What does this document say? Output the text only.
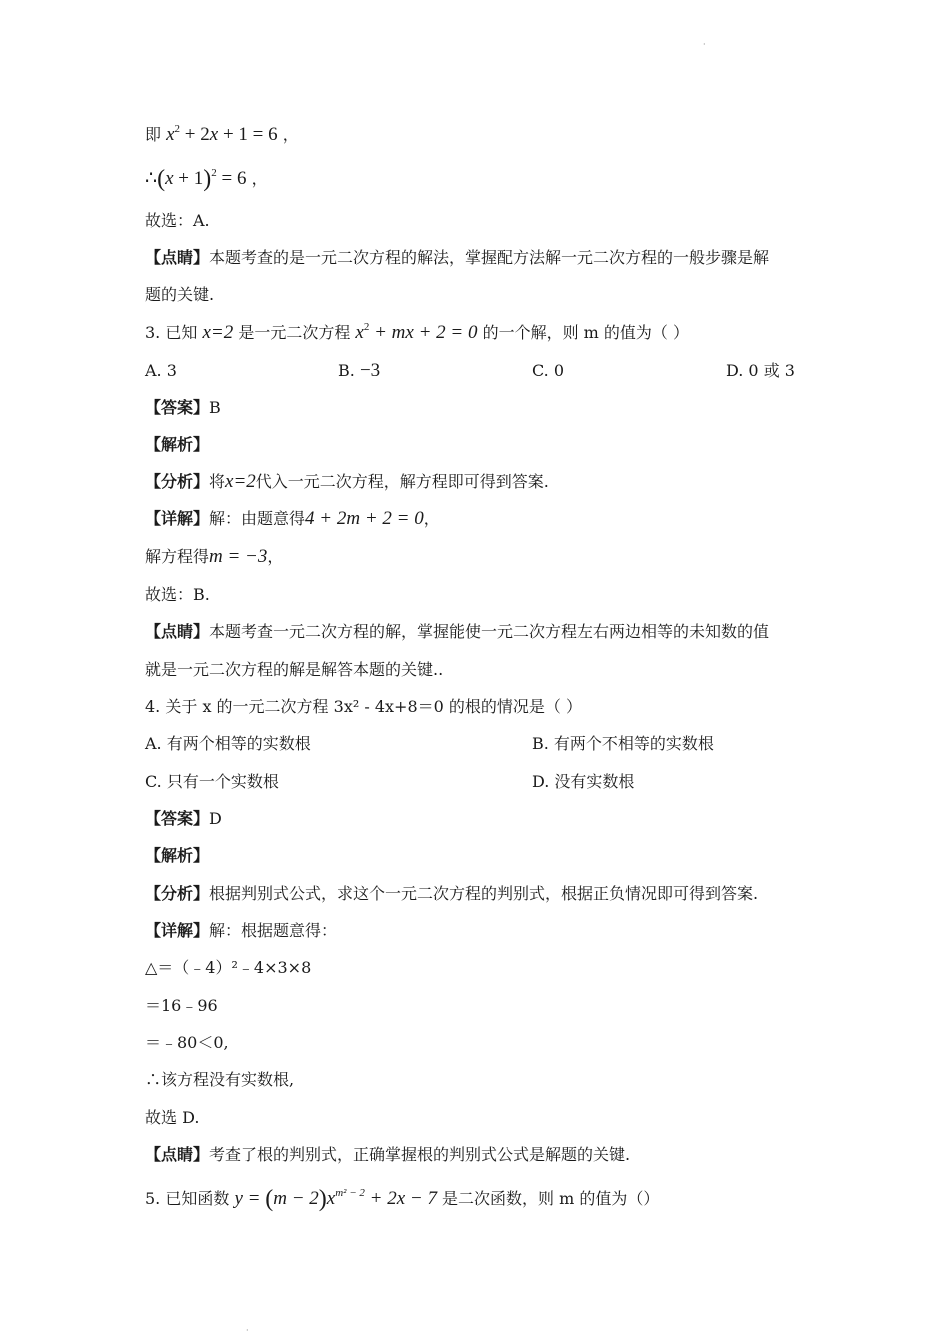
·
即 $x^2 + 2x + 1 = 6$ ，
∴(x + 1)$^2$ = 6 ，
故选：A.
【点睛】本题考查的是一元二次方程的解法，掌握配方法解一元二次方程的一般步骤是解
题的关键.
3. 已知 x=2 是一元二次方程 $x^2$ + mx + 2 = 0 的一个解，则 m 的值为（ ）
A. 3	B. −3	C. 0	D. 0 或 3
【答案】B
【解析】
【分析】将x=2代入一元二次方程，解方程即可得到答案.
【详解】解：由题意得4 + 2m + 2 = 0，
解方程得m = −3，
故选：B.
【点睛】本题考查一元二次方程的解，掌握能使一元二次方程左右两边相等的未知数的值
就是一元二次方程的解是解答本题的关键..
4. 关于 x 的一元二次方程 3x² - 4x+8＝0 的根的情况是（ ）
A. 有两个相等的实数根	B. 有两个不相等的实数根
C. 只有一个实数根	D. 没有实数根
【答案】D
【解析】
【分析】根据判别式公式，求这个一元二次方程的判别式，根据正负情况即可得到答案.
【详解】解：根据题意得：
△＝（﹣4）²﹣4×3×8
＝16﹣96
＝﹣80＜0,
∴该方程没有实数根,
故选 D.
【点睛】考查了根的判别式，正确掌握根的判别式公式是解题的关键.
5. 已知函数 $y = (m - 2)x^{m^2 - 2} + 2x - 7$ 是二次函数，则 m 的值为（）
·
